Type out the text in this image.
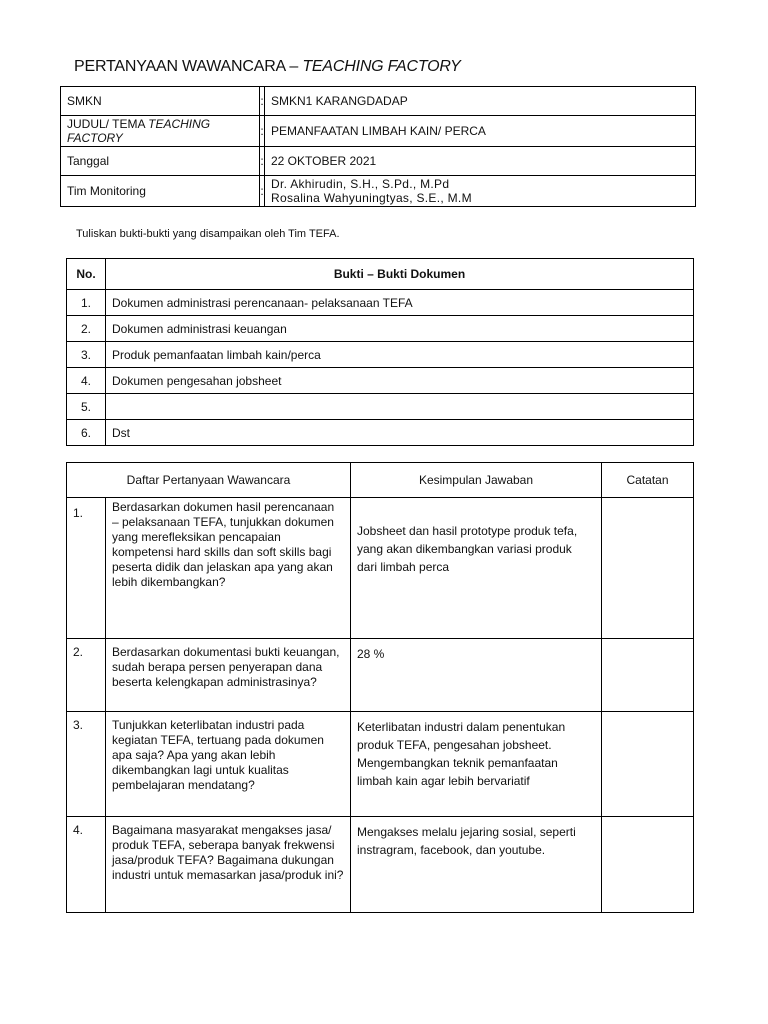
PERTANYAAN WAWANCARA – TEACHING FACTORY
SMKN	:	SMKN1 KARANGDADAP
JUDUL/ TEMA TEACHING FACTORY	:	PEMANFAATAN LIMBAH KAIN/ PERCA
Tanggal	:	22 OKTOBER 2021
Tim Monitoring	:	Dr. Akhirudin, S.H., S.Pd., M.Pd
Rosalina Wahyuningtyas, S.E., M.M
Tuliskan bukti-bukti yang disampaikan oleh Tim TEFA.
No.	Bukti – Bukti Dokumen
1.	Dokumen administrasi perencanaan- pelaksanaan TEFA
2.	Dokumen administrasi keuangan
3.	Produk pemanfaatan limbah kain/perca
4.	Dokumen pengesahan jobsheet
5.	
6.	Dst
Daftar Pertanyaan Wawancara		Kesimpulan Jawaban	Catatan
1.	Berdasarkan dokumen hasil perencanaan – pelaksanaan TEFA, tunjukkan dokumen yang merefleksikan pencapaian kompetensi hard skills dan soft skills bagi peserta didik dan jelaskan apa yang akan lebih dikembangkan?	Jobsheet dan hasil prototype produk tefa, yang akan dikembangkan variasi produk dari limbah perca	
2.	Berdasarkan dokumentasi bukti keuangan, sudah berapa persen penyerapan dana beserta kelengkapan administrasinya?	28 %	
3.	Tunjukkan keterlibatan industri pada kegiatan TEFA, tertuang pada dokumen apa saja? Apa yang akan lebih dikembangkan lagi untuk kualitas pembelajaran mendatang?	Keterlibatan industri dalam penentukan produk TEFA, pengesahan jobsheet. Mengembangkan teknik pemanfaatan limbah kain agar lebih bervariatif	
4.	Bagaimana masyarakat mengakses jasa/ produk TEFA, seberapa banyak frekwensi jasa/produk TEFA? Bagaimana dukungan industri untuk memasarkan jasa/produk ini?	Mengakses melalu jejaring sosial, seperti instragram, facebook, dan youtube.	
